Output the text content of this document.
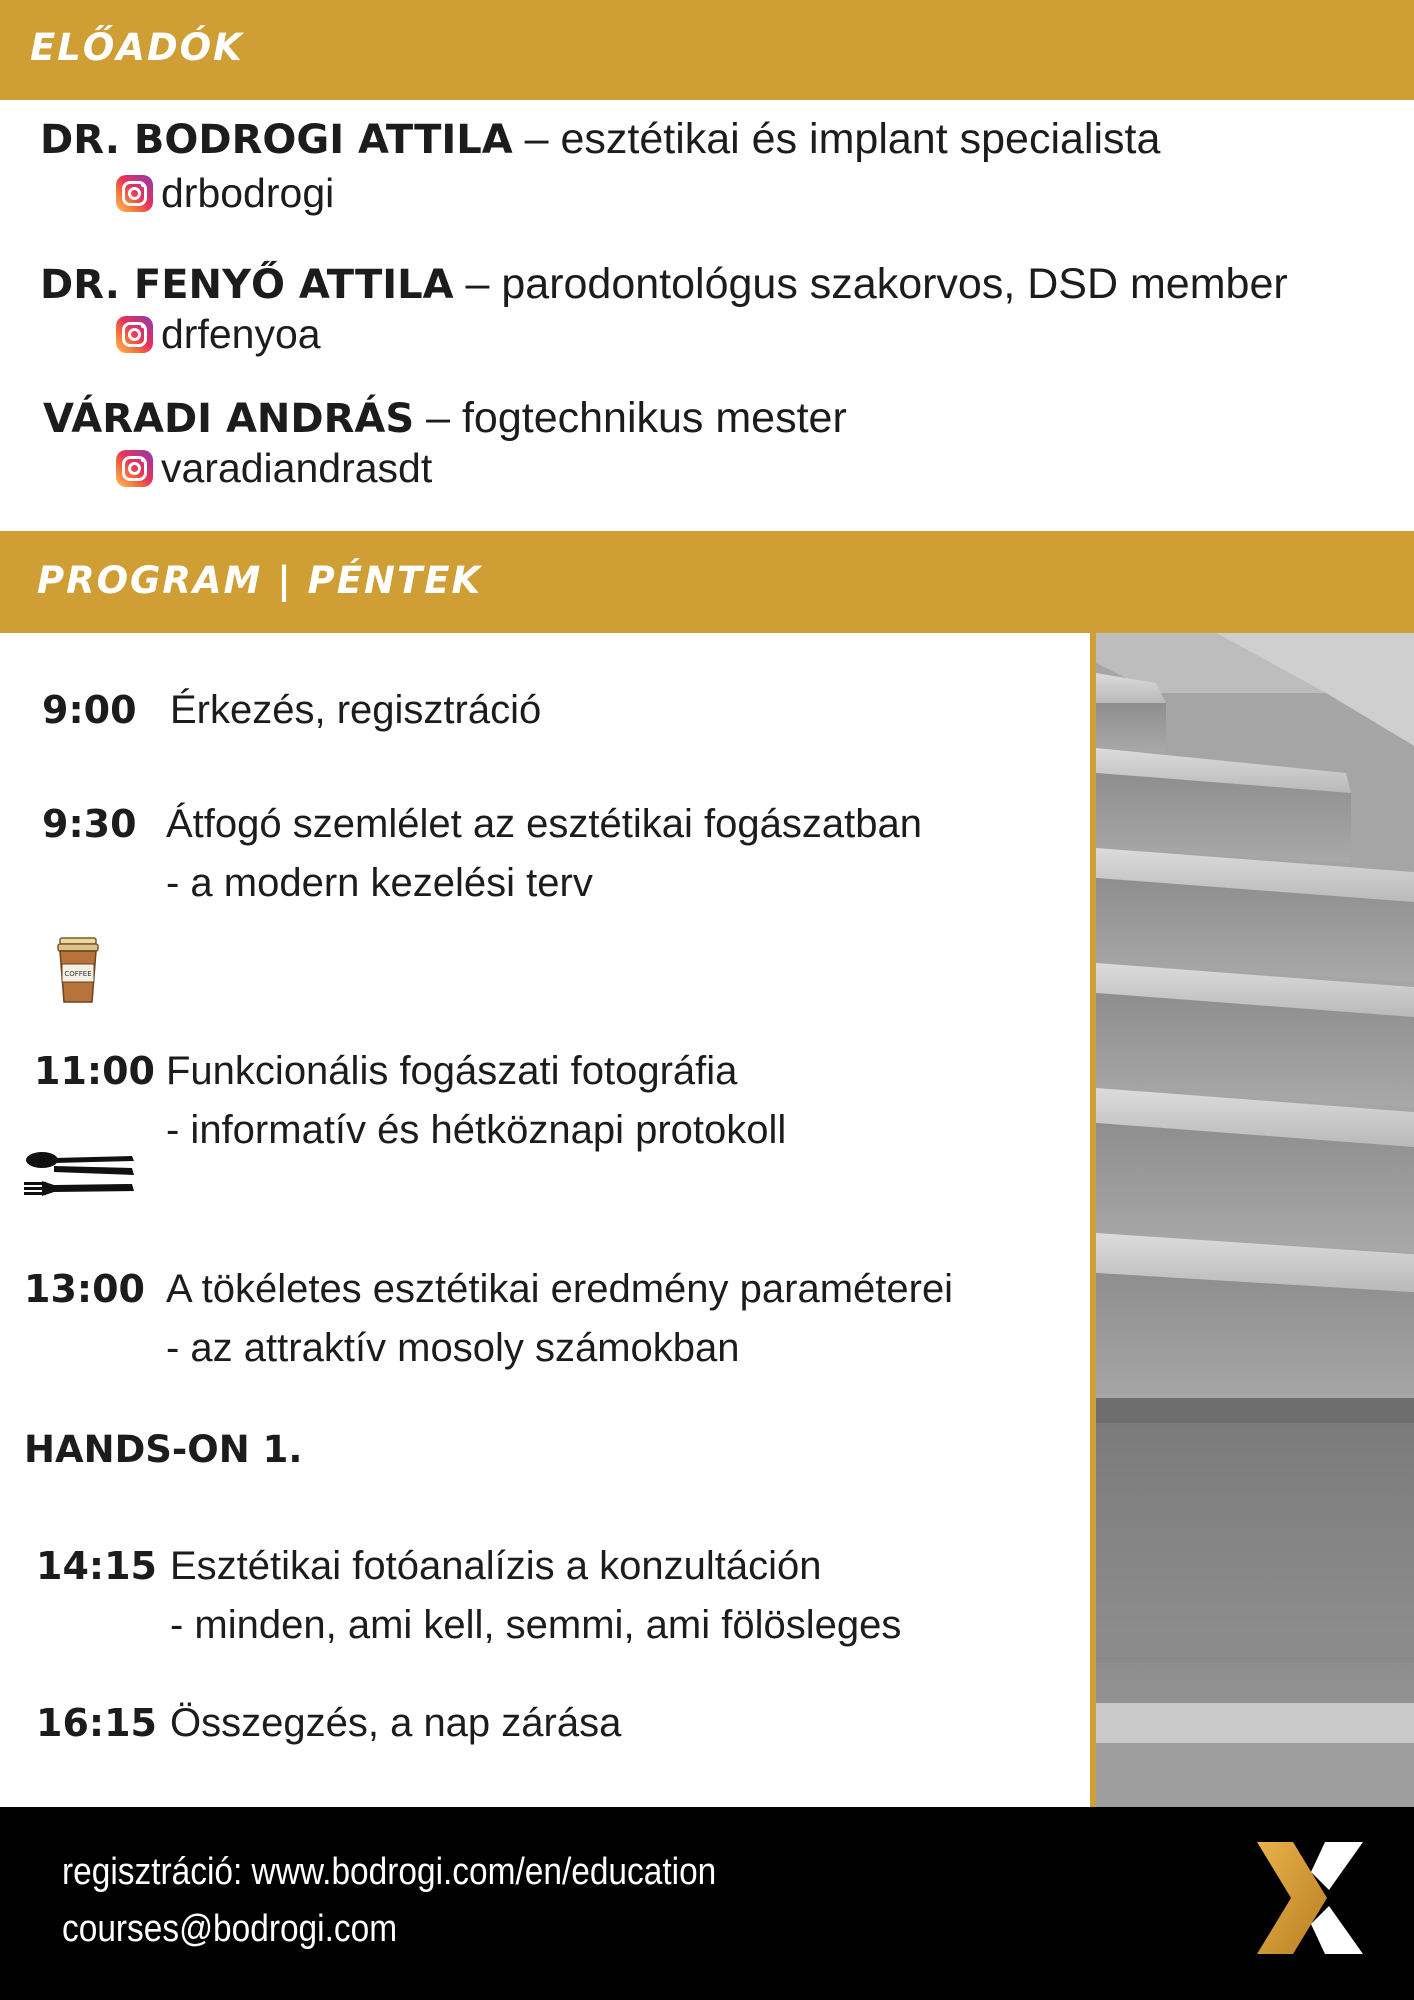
ELŐADÓK
DR. BODROGI ATTILA – esztétikai és implant specialista
drbodrogi
DR. FENYŐ ATTILA – parodontológus szakorvos, DSD member
drfenyoa
VÁRADI ANDRÁS – fogtechnikus mester
varadiandrasdt
PROGRAM | PÉNTEK
9:00 Érkezés, regisztráció
9:30 Átfogó szemlélet az esztétikai fogászatban
- a modern kezelési terv
COFFEE
11:00 Funkcionális fogászati fotográfia
- informatív és hétköznapi protokoll
13:00 A tökéletes esztétikai eredmény paraméterei
- az attraktív mosoly számokban
HANDS-ON 1.
14:15 Esztétikai fotóanalízis a konzultáción
- minden, ami kell, semmi, ami fölösleges
16:15 Összegzés, a nap zárása
regisztráció: www.bodrogi.com/en/education
courses@bodrogi.com
